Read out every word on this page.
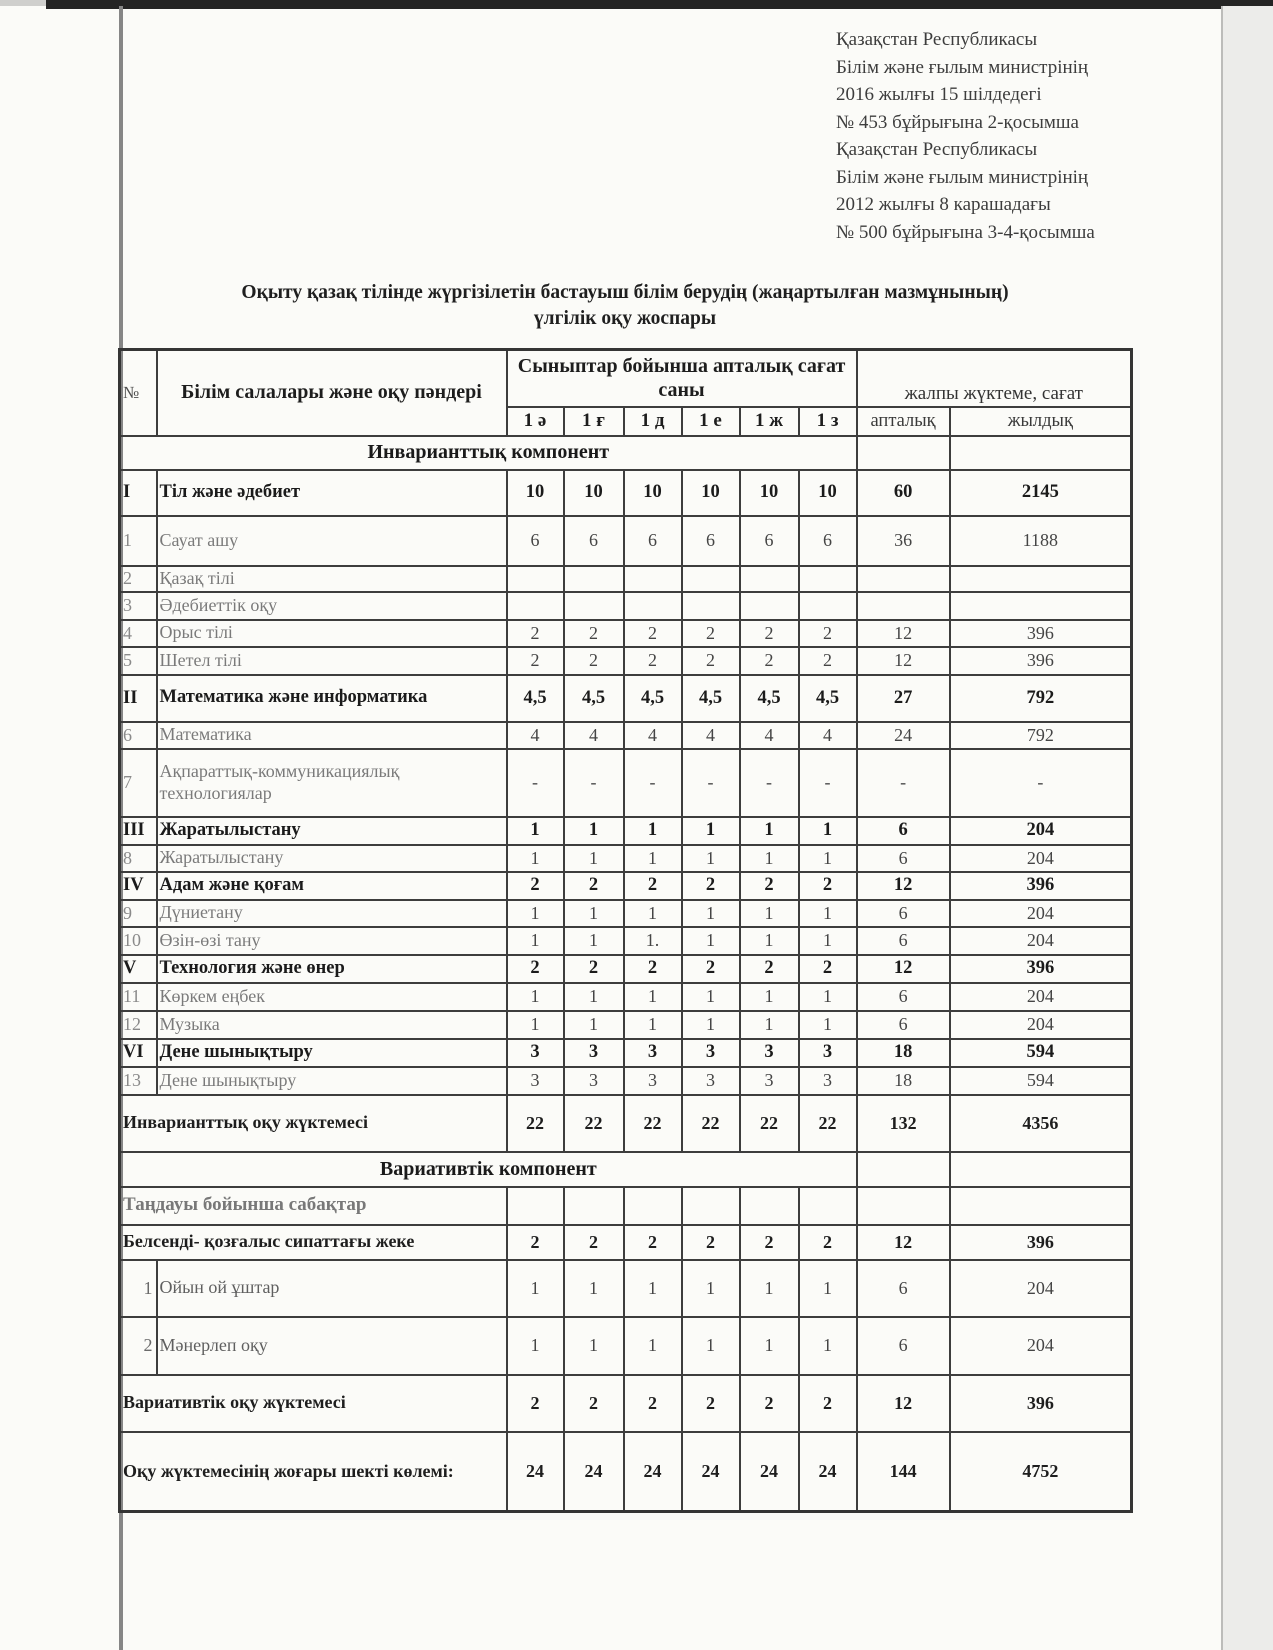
Қазақстан Республикасы
Білім және ғылым министрінің
2016 жылғы 15 шілдедегі
№ 453 бұйрығына 2-қосымша
Қазақстан Республикасы
Білім және ғылым министрінің
2012 жылғы 8 карашадағы
№ 500 бұйрығына 3-4-қосымша
Оқыту қазақ тілінде жүргізілетін бастауыш білім берудің (жаңартылған мазмұнының)
үлгілік оқу жоспары
№	Білім салалары және оқу пәндері	Сыныптар бойынша апталық сағат саны						жалпы жүктеме, сағат	
		1 ә	1 ғ	1 д	1 е	1 ж	1 з	апталық	жылдық
Инварианттық компонент									
I	Тіл және әдебиет	10	10	10	10	10	10	60	2145
1	Сауат ашу	6	6	6	6	6	6	36	1188
2	Қазақ тілі								
3	Әдебиеттік оқу								
4	Орыс тілі	2	2	2	2	2	2	12	396
5	Шетел тілі	2	2	2	2	2	2	12	396
II	Математика және информатика	4,5	4,5	4,5	4,5	4,5	4,5	27	792
6	Математика	4	4	4	4	4	4	24	792
7	Ақпараттық-коммуникациялық технологиялар	-	-	-	-	-	-	-	-
III	Жаратылыстану	1	1	1	1	1	1	6	204
8	Жаратылыстану	1	1	1	1	1	1	6	204
IV	Адам және қоғам	2	2	2	2	2	2	12	396
9	Дүниетану	1	1	1	1	1	1	6	204
10	Өзін-өзі тану	1	1	1.	1	1	1	6	204
V	Технология және өнер	2	2	2	2	2	2	12	396
11	Көркем еңбек	1	1	1	1	1	1	6	204
12	Музыка	1	1	1	1	1	1	6	204
VI	Дене шынықтыру	3	3	3	3	3	3	18	594
13	Дене шынықтыру	3	3	3	3	3	3	18	594
Инварианттық оқу жүктемесі		22	22	22	22	22	22	132	4356
Вариативтік компонент									
Таңдауы бойынша сабақтар									
Белсенді- қозғалыс сипаттағы жеке		2	2	2	2	2	2	12	396
1	Ойын ой ұштар	1	1	1	1	1	1	6	204
2	Мәнерлеп оқу	1	1	1	1	1	1	6	204
Вариативтік оқу жүктемесі		2	2	2	2	2	2	12	396
Оқу жүктемесінің жоғары шекті көлемі:		24	24	24	24	24	24	144	4752
